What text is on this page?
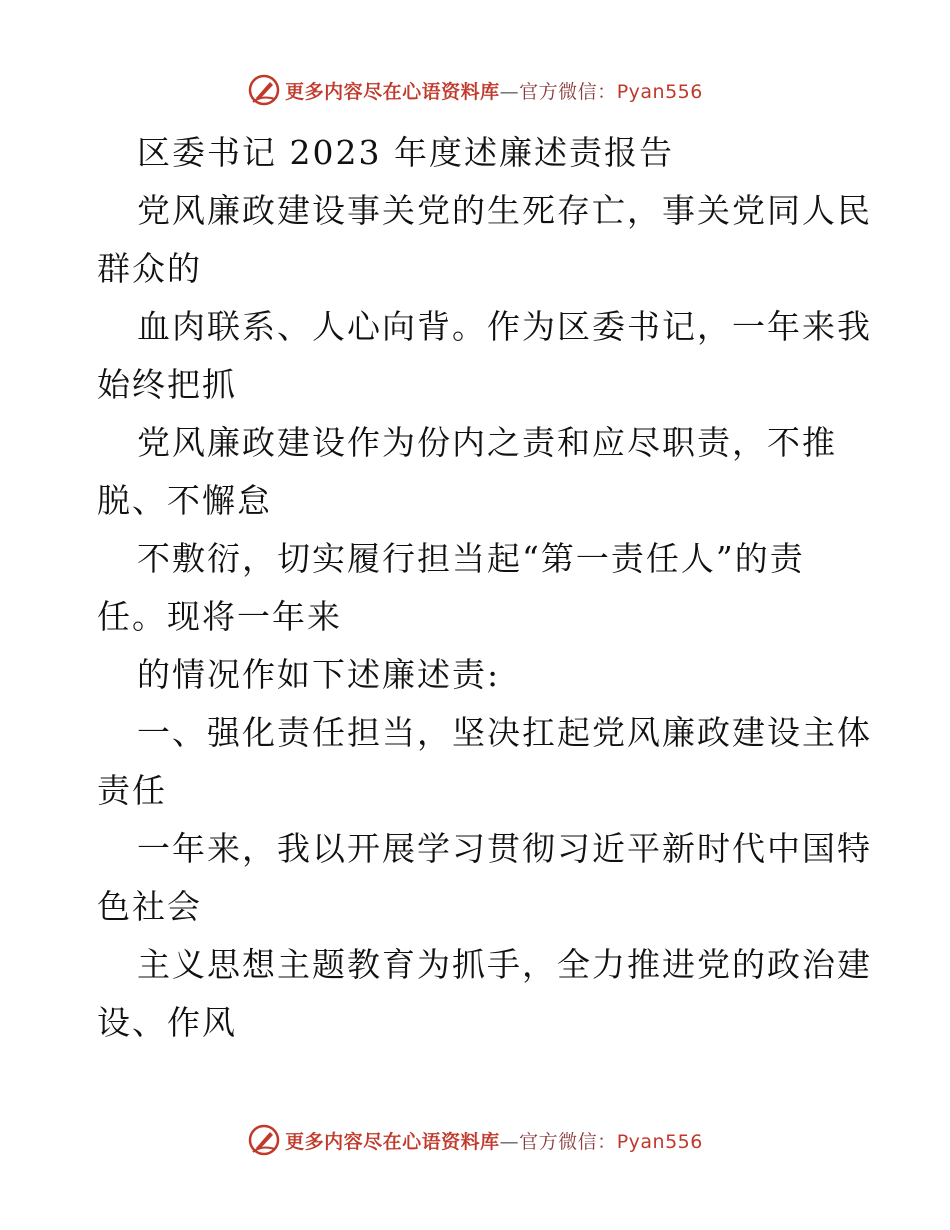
更多内容尽在心语资料库—官方微信：Pyan556
区委书记 2023 年度述廉述责报告
党风廉政建设事关党的生死存亡，事关党同人民
群众的
血肉联系、人心向背。作为区委书记，一年来我
始终把抓
党风廉政建设作为份内之责和应尽职责，不推
脱、不懈怠
不敷衍，切实履行担当起“第一责任人”的责
任。现将一年来
的情况作如下述廉述责:
一、强化责任担当，坚决扛起党风廉政建设主体
责任
一年来，我以开展学习贯彻习近平新时代中国特
色社会
主义思想主题教育为抓手，全力推进党的政治建
设、作风
更多内容尽在心语资料库—官方微信：Pyan556
